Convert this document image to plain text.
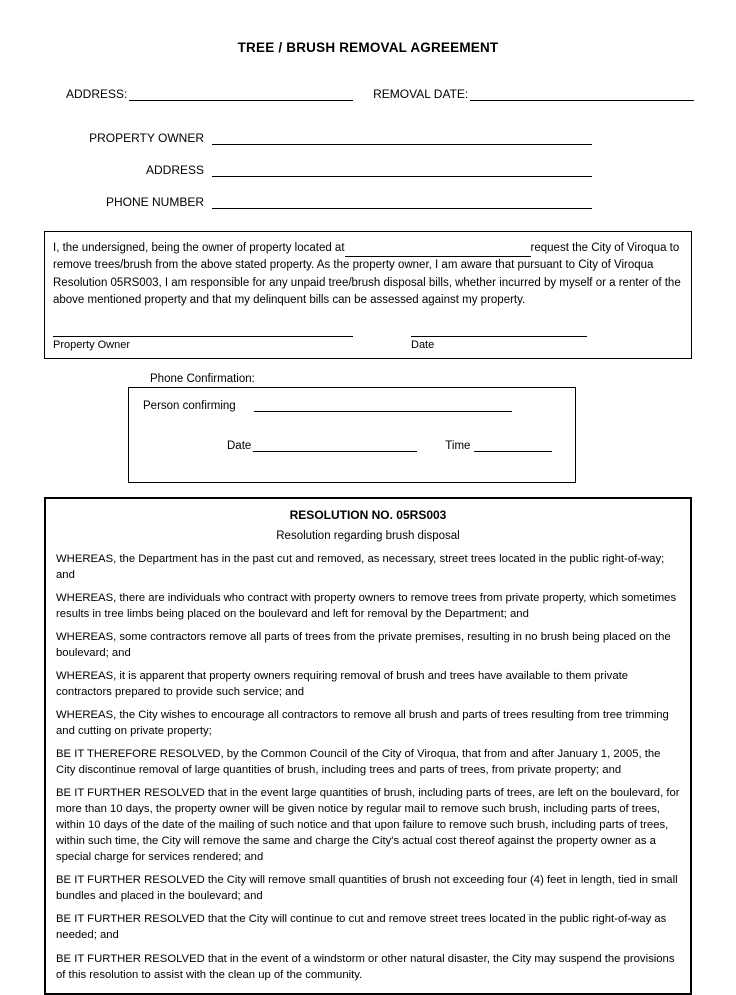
TREE / BRUSH REMOVAL AGREEMENT
ADDRESS:	REMOVAL DATE:
PROPERTY OWNER
ADDRESS
PHONE NUMBER
I, the undersigned, being the owner of property located at	request the City of Viroqua to remove trees/brush from the above stated property. As the property owner, I am aware that pursuant to City of Viroqua Resolution 05RS003, I am responsible for any unpaid tree/brush disposal bills, whether incurred by myself or a renter of the above mentioned property and that my delinquent bills can be assessed against my property.
Property Owner	Date
Phone Confirmation:
Person confirming
Date	Time
RESOLUTION NO. 05RS003
Resolution regarding brush disposal

WHEREAS, the Department has in the past cut and removed, as necessary, street trees located in the public right-of-way; and

WHEREAS, there are individuals who contract with property owners to remove trees from private property, which sometimes results in tree limbs being placed on the boulevard and left for removal by the Department; and

WHEREAS, some contractors remove all parts of trees from the private premises, resulting in no brush being placed on the boulevard; and

WHEREAS, it is apparent that property owners requiring removal of brush and trees have available to them private contractors prepared to provide such service; and

WHEREAS, the City wishes to encourage all contractors to remove all brush and parts of trees resulting from tree trimming and cutting on private property;

BE IT THEREFORE RESOLVED, by the Common Council of the City of Viroqua, that from and after January 1, 2005, the City discontinue removal of large quantities of brush, including trees and parts of trees, from private property; and

BE IT FURTHER RESOLVED that in the event large quantities of brush, including parts of trees, are left on the boulevard, for more than 10 days, the property owner will be given notice by regular mail to remove such brush, including parts of trees, within 10 days of the date of the mailing of such notice and that upon failure to remove such brush, including parts of trees, within such time, the City will remove the same and charge the City's actual cost thereof against the property owner as a special charge for services rendered; and

BE IT FURTHER RESOLVED the City will remove small quantities of brush not exceeding four (4) feet in length, tied in small bundles and placed in the boulevard; and

BE IT FURTHER RESOLVED that the City will continue to cut and remove street trees located in the public right-of-way as needed; and

BE IT FURTHER RESOLVED that in the event of a windstorm or other natural disaster, the City may suspend the provisions of this resolution to assist with the clean up of the community.
